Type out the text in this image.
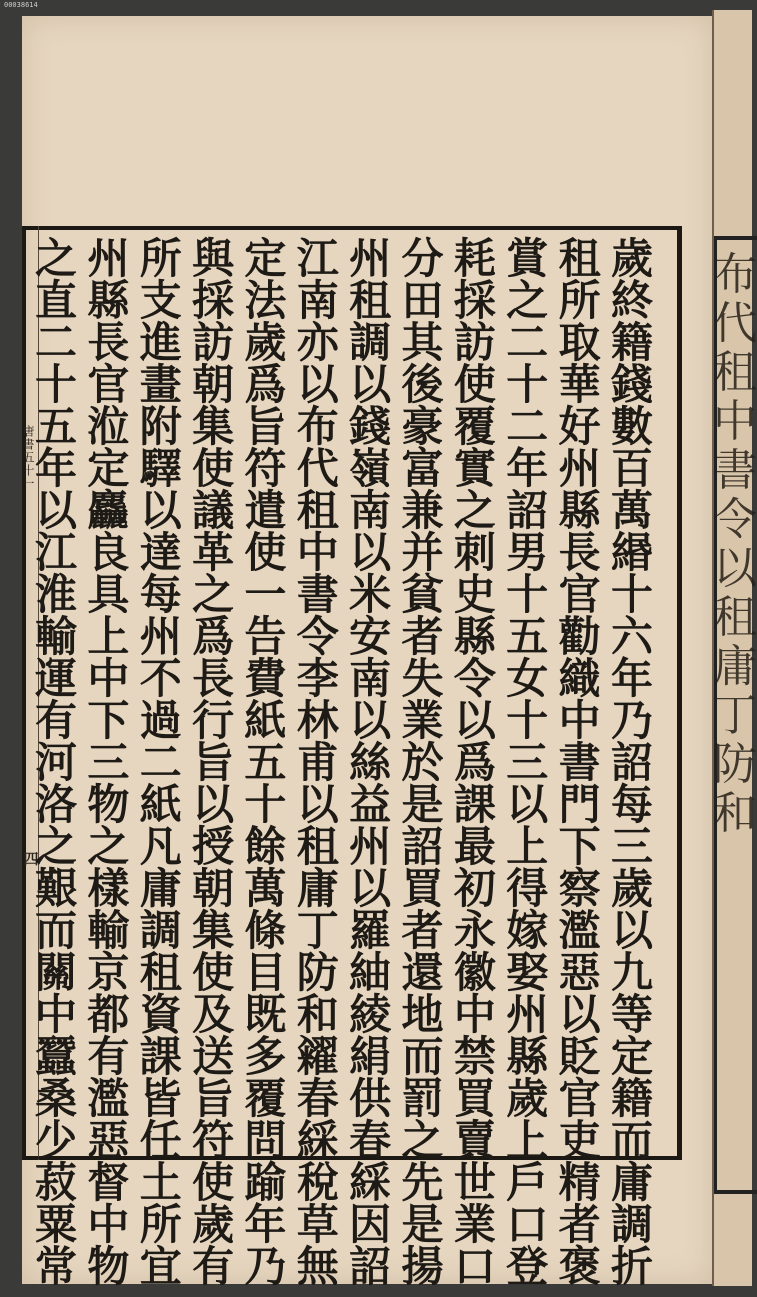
00038614
布
代
租
中
書
令
以
租
庸
丁
防
和
唐書五十一
四
歲
終
籍
錢
數
百
萬
緡
十
六
年
乃
詔
每
三
歲
以
九
等
定
籍
而
庸
調
折
租
所
取
華
好
州
縣
長
官
勸
織
中
書
門
下
察
濫
惡
以
貶
官
吏
精
者
褒
賞
之
二
十
二
年
詔
男
十
五
女
十
三
以
上
得
嫁
娶
州
縣
歲
上
戶
口
登
耗
採
訪
使
覆
實
之
刺
史
縣
令
以
爲
課
最
初
永
徽
中
禁
買
賣
世
業
口
分
田
其
後
豪
富
兼
并
貧
者
失
業
於
是
詔
買
者
還
地
而
罰
之
先
是
揚
州
租
調
以
錢
嶺
南
以
米
安
南
以
絲
益
州
以
羅
紬
綾
絹
供
春
綵
因
詔
江
南
亦
以
布
代
租
中
書
令
李
林
甫
以
租
庸
丁
防
和
糴
春
綵
稅
草
無
定
法
歲
爲
旨
符
遣
使
一
告
費
紙
五
十
餘
萬
條
目
既
多
覆
問
踰
年
乃
與
採
訪
朝
集
使
議
革
之
爲
長
行
旨
以
授
朝
集
使
及
送
旨
符
使
歲
有
所
支
進
畫
附
驛
以
達
每
州
不
過
二
紙
凡
庸
調
租
資
課
皆
任
土
所
宜
州
縣
長
官
涖
定
麤
良
具
上
中
下
三
物
之
樣
輸
京
都
有
濫
惡
督
中
物
之
直
二
十
五
年
以
江
淮
輸
運
有
河
洛
之
艱
而
關
中
蠶
桑
少
菽
粟
常
